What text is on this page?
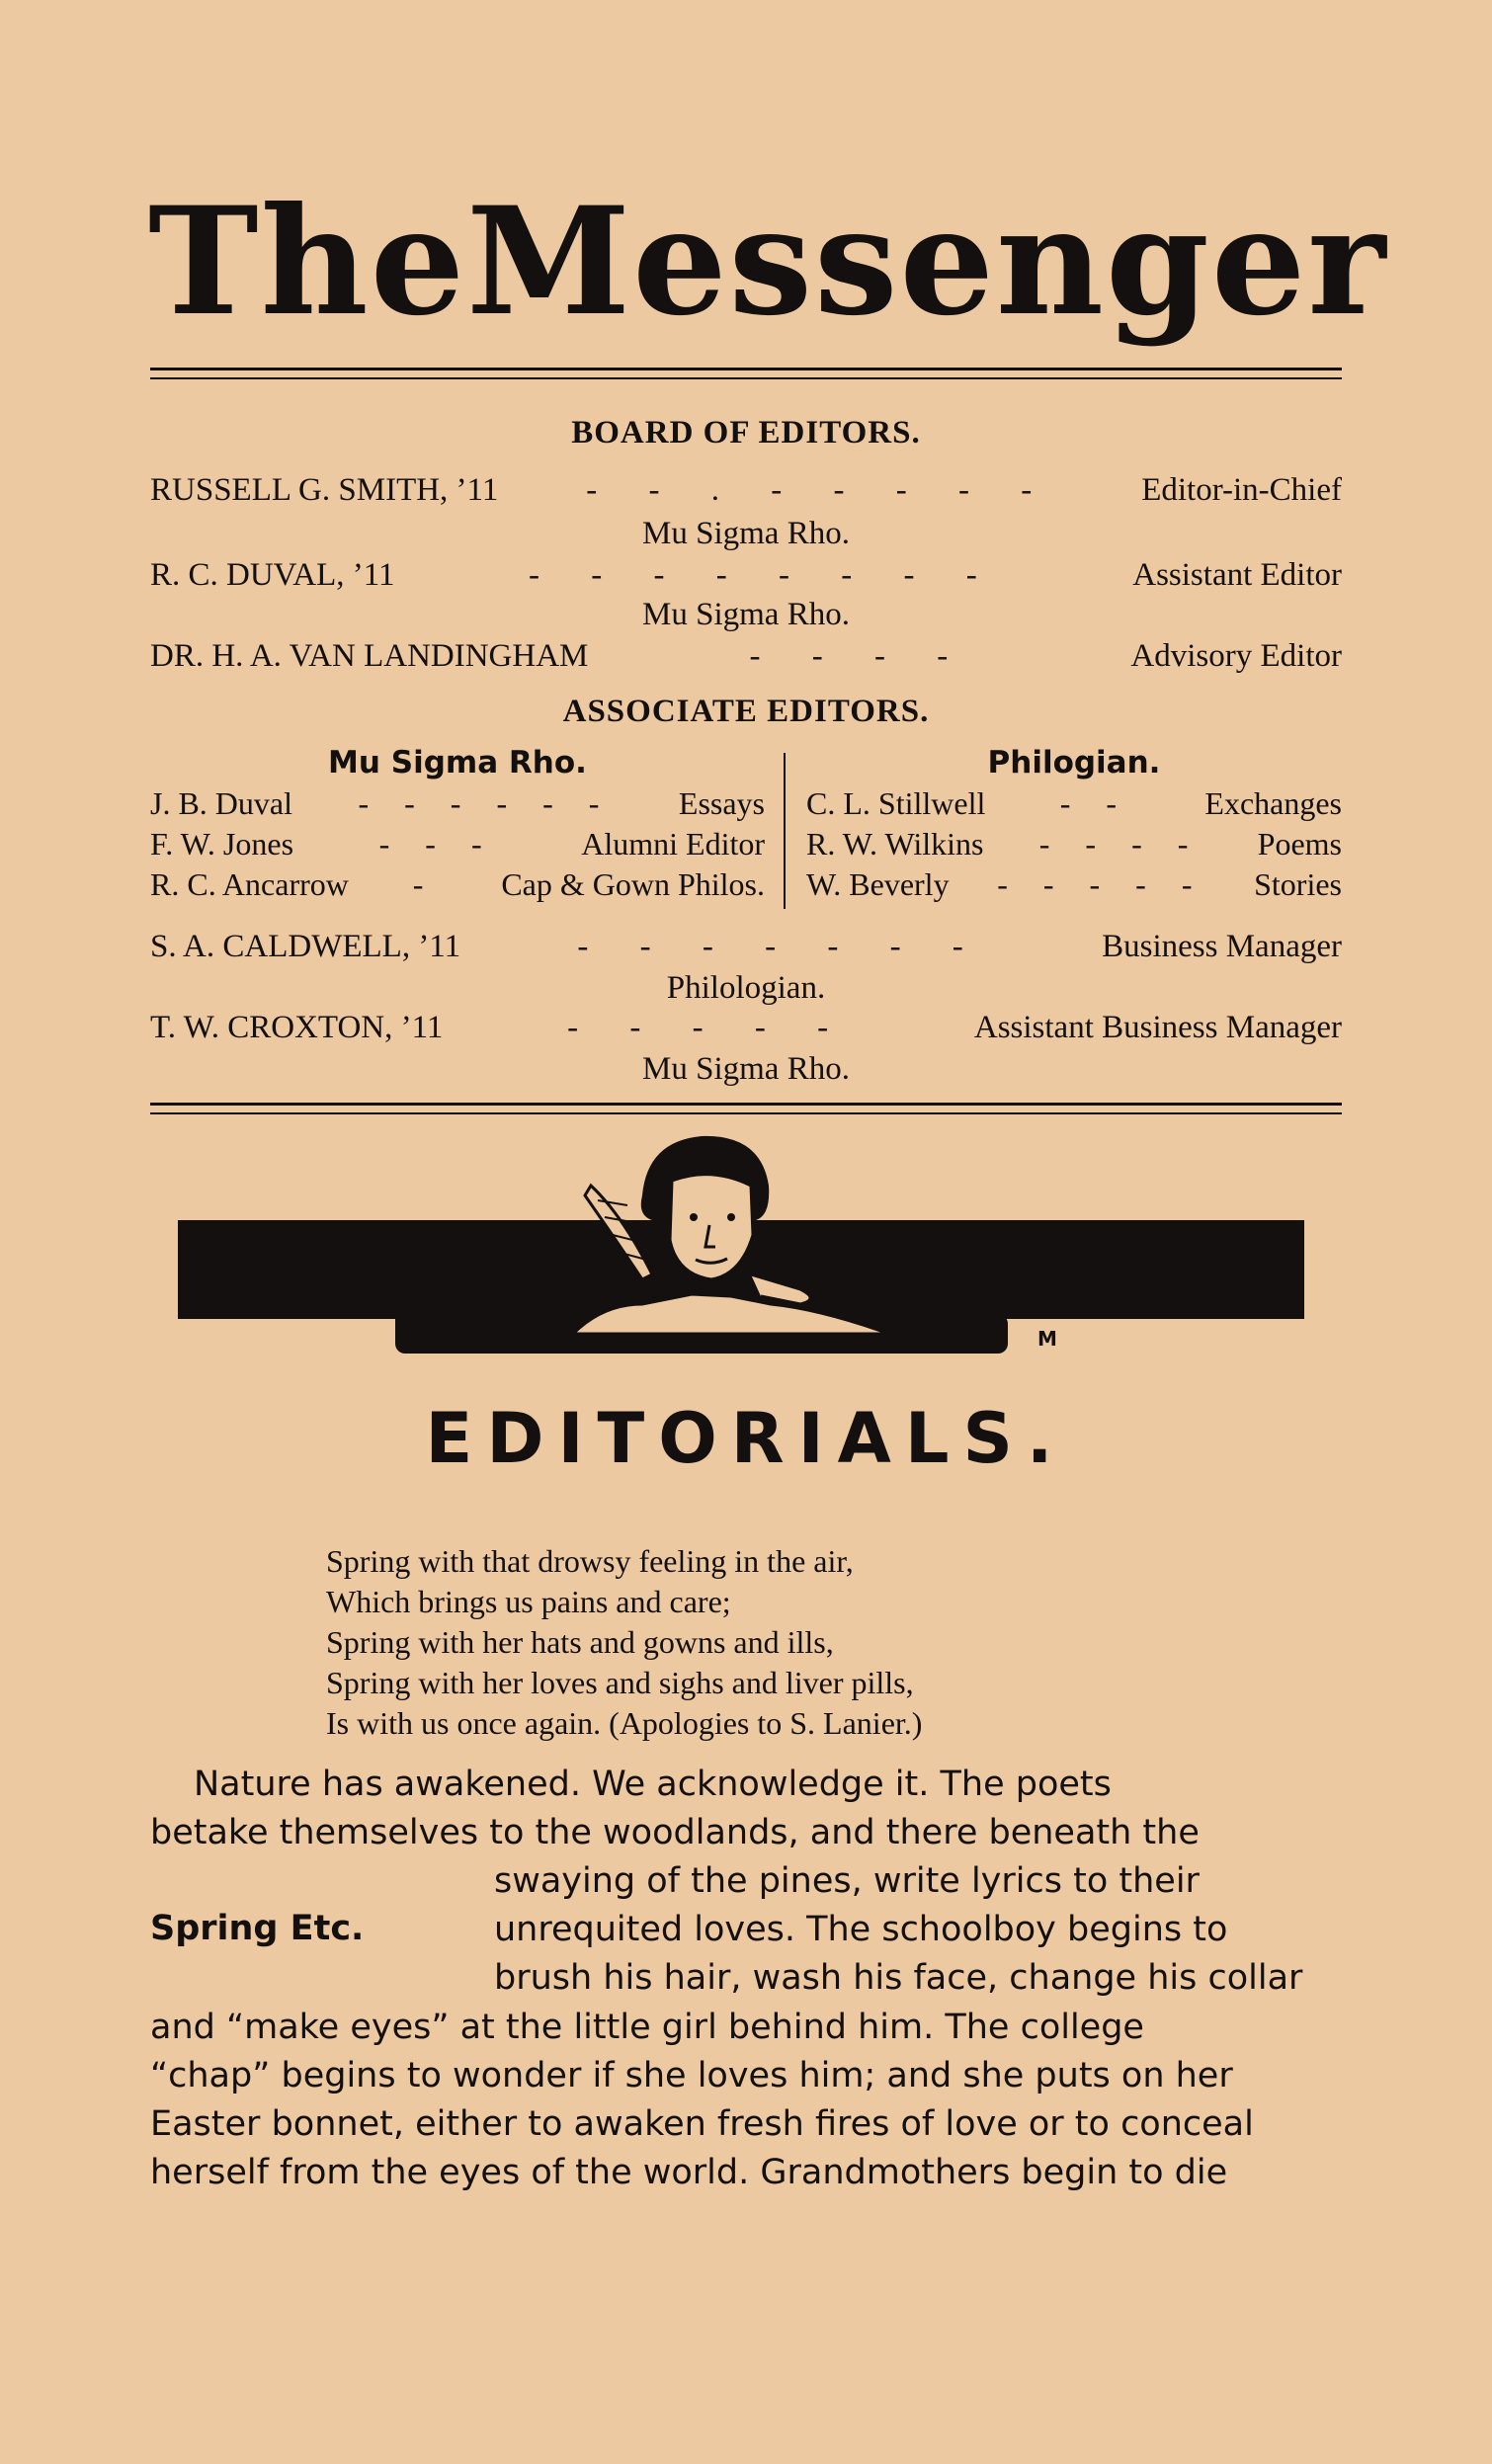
The Messenger
BOARD OF EDITORS.
RUSSELL G. SMITH, ’11	- - . - - - - -	Editor-in-Chief
Mu Sigma Rho.
R. C. DUVAL, ’11	- - - - - - - -	Assistant Editor
Mu Sigma Rho.
DR. H. A. VAN LANDINGHAM	- - - -	Advisory Editor
ASSOCIATE EDITORS.
Mu Sigma Rho.
J. B. Duval	- - - - - -	Essays
F. W. Jones	- - -	Alumni Editor
R. C. Ancarrow	-	Cap & Gown Philos.
Philogian.
C. L. Stillwell	- -	Exchanges
R. W. Wilkins	- - - -	Poems
W. Beverly	- - - - -	Stories
S. A. CALDWELL, ’11	- - - - - - -	Business Manager
Philologian.
T. W. CROXTON, ’11	- - - - -	Assistant Business Manager
Mu Sigma Rho.
M
EDITORIALS.
Spring with that drowsy feeling in the air,
Which brings us pains and care;
Spring with her hats and gowns and ills,
Spring with her loves and sighs and liver pills,
Is with us once again. (Apologies to S. Lanier.)
Nature has awakened. We acknowledge it. The poets
betake themselves to the woodlands, and there beneath the
Spring Etc.
swaying of the pines, write lyrics to their
unrequited loves. The schoolboy begins to
brush his hair, wash his face, change his collar
and “make eyes” at the little girl behind him. The college
“chap” begins to wonder if she loves him; and she puts on her
Easter bonnet, either to awaken fresh fires of love or to conceal
herself from the eyes of the world. Grandmothers begin to die
